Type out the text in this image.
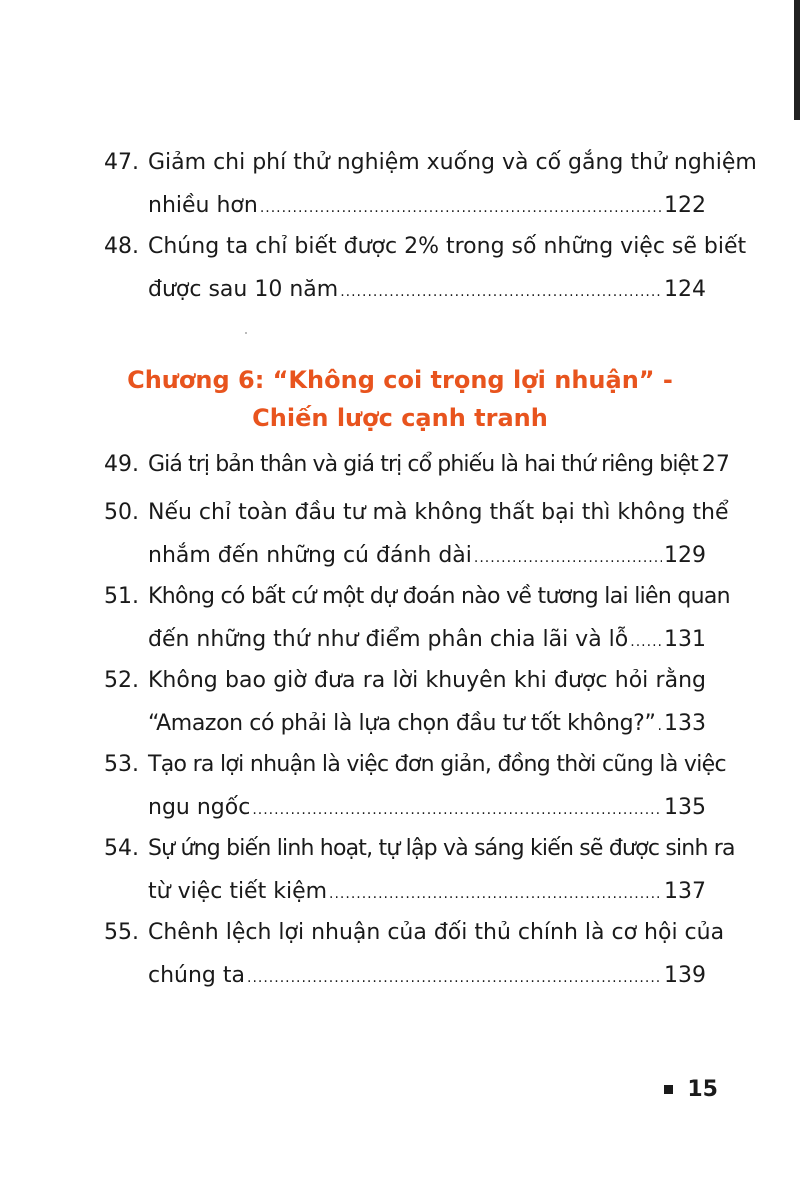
47. Giảm chi phí thử nghiệm xuống và cố gắng thử nghiệm
nhiều hơn .....	122
48. Chúng ta chỉ biết được 2% trong số những việc sẽ biết
được sau 10 năm .....	124
Chương 6: “Không coi trọng lợi nhuận” -
Chiến lược cạnh tranh
49. Giá trị bản thân và giá trị cổ phiếu là hai thứ riêng biệt 27
50. Nếu chỉ toàn đầu tư mà không thất bại thì không thể
nhắm đến những cú đánh dài .....	129
51. Không có bất cứ một dự đoán nào về tương lai liên quan
đến những thứ như điểm phân chia lãi và lỗ ..... 131
52. Không bao giờ đưa ra lời khuyên khi được hỏi rằng
“Amazon có phải là lựa chọn đầu tư tốt không?” ..... 133
53. Tạo ra lợi nhuận là việc đơn giản, đồng thời cũng là việc
ngu ngốc .....	135
54. Sự ứng biến linh hoạt, tự lập và sáng kiến sẽ được sinh ra
từ việc tiết kiệm .....	137
55. Chênh lệch lợi nhuận của đối thủ chính là cơ hội của
chúng ta .....	139
15
